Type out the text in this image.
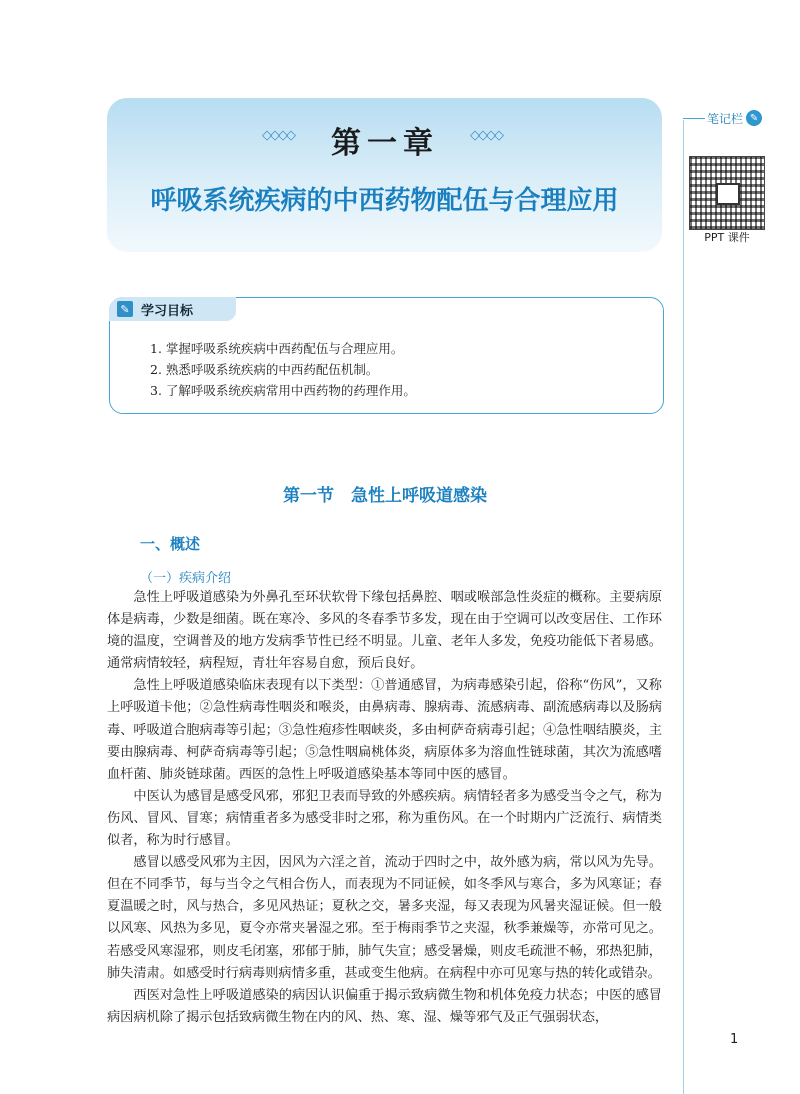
笔记栏 ✎
PPT 课件
◇◇◇◇	◇◇◇◇
第一章
呼吸系统疾病的中西药物配伍与合理应用
✎ 学习目标
1. 掌握呼吸系统疾病中西药配伍与合理应用。
2. 熟悉呼吸系统疾病的中西药配伍机制。
3. 了解呼吸系统疾病常用中西药物的药理作用。
第一节　急性上呼吸道感染
一、概述
（一）疾病介绍

急性上呼吸道感染为外鼻孔至环状软骨下缘包括鼻腔、咽或喉部急性炎症的概称。主要病原体是病毒，少数是细菌。既在寒冷、多风的冬春季节多发，现在由于空调可以改变居住、工作环境的温度，空调普及的地方发病季节性已经不明显。儿童、老年人多发，免疫功能低下者易感。通常病情较轻，病程短，青壮年容易自愈，预后良好。

急性上呼吸道感染临床表现有以下类型：①普通感冒，为病毒感染引起，俗称“伤风”，又称上呼吸道卡他；②急性病毒性咽炎和喉炎，由鼻病毒、腺病毒、流感病毒、副流感病毒以及肠病毒、呼吸道合胞病毒等引起；③急性疱疹性咽峡炎，多由柯萨奇病毒引起；④急性咽结膜炎，主要由腺病毒、柯萨奇病毒等引起；⑤急性咽扁桃体炎，病原体多为溶血性链球菌，其次为流感嗜血杆菌、肺炎链球菌。西医的急性上呼吸道感染基本等同中医的感冒。

中医认为感冒是感受风邪，邪犯卫表而导致的外感疾病。病情轻者多为感受当令之气，称为伤风、冒风、冒寒；病情重者多为感受非时之邪，称为重伤风。在一个时期内广泛流行、病情类似者，称为时行感冒。

感冒以感受风邪为主因，因风为六淫之首，流动于四时之中，故外感为病，常以风为先导。但在不同季节，每与当令之气相合伤人，而表现为不同证候，如冬季风与寒合，多为风寒证；春夏温暖之时，风与热合，多见风热证；夏秋之交，暑多夹湿，每又表现为风暑夹湿证候。但一般以风寒、风热为多见，夏令亦常夹暑湿之邪。至于梅雨季节之夹湿，秋季兼燥等，亦常可见之。若感受风寒湿邪，则皮毛闭塞，邪郁于肺，肺气失宣；感受暑燥，则皮毛疏泄不畅，邪热犯肺，肺失清肃。如感受时行病毒则病情多重，甚或变生他病。在病程中亦可见寒与热的转化或错杂。

西医对急性上呼吸道感染的病因认识偏重于揭示致病微生物和机体免疫力状态；中医的感冒病因病机除了揭示包括致病微生物在内的风、热、寒、湿、燥等邪气及正气强弱状态，

1
